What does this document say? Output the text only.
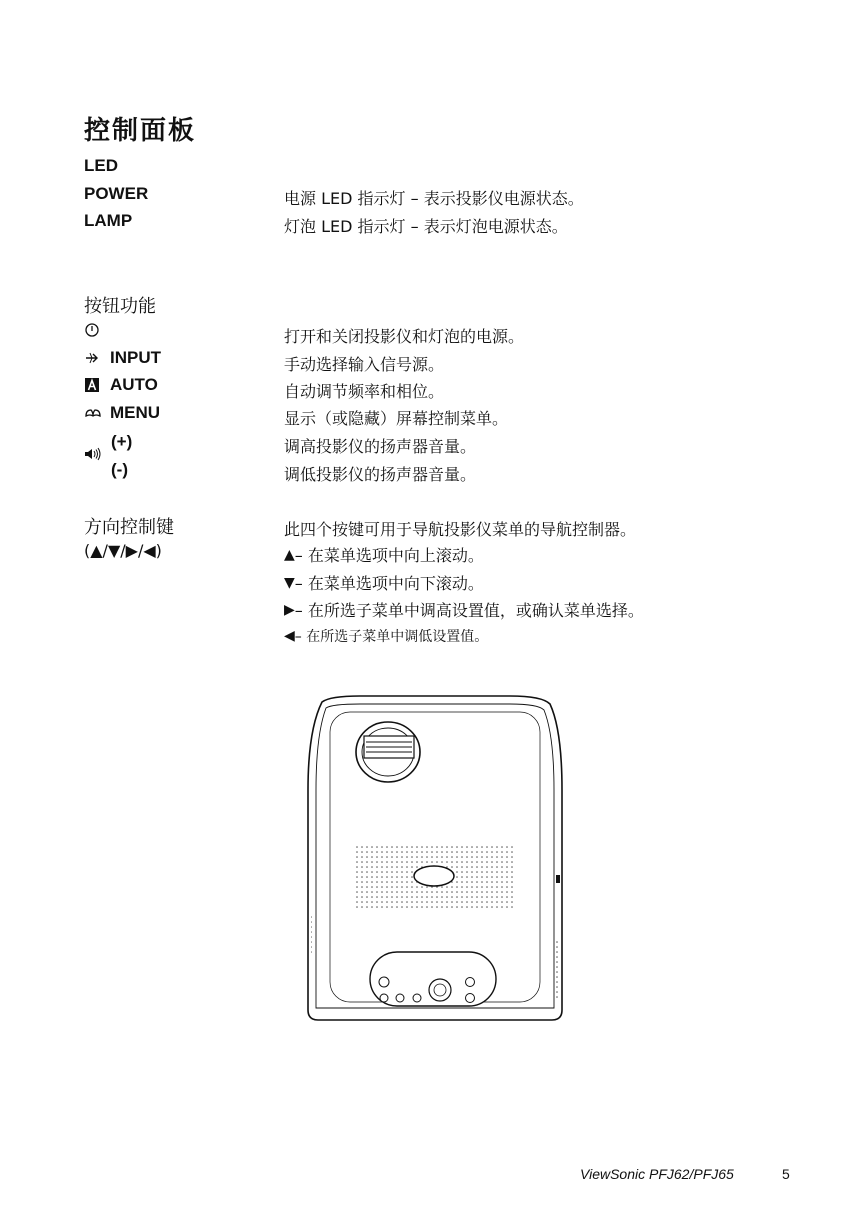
控制面板
LED
POWER	电源 LED 指示灯 – 表示投影仪电源状态。
LAMP	灯泡 LED 指示灯 – 表示灯泡电源状态。
按钮功能
打开和关闭投影仪和灯泡的电源。
INPUT	手动选择输入信号源。
AUTO	自动调节频率和相位。
MENU	显示（或隐藏）屏幕控制菜单。
(+)	调高投影仪的扬声器音量。
(-)	调低投影仪的扬声器音量。
方向控制键
(▲/▼/▶/◀)
此四个按键可用于导航投影仪菜单的导航控制器。
▲ – 在菜单选项中向上滚动。
▼ – 在菜单选项中向下滚动。
▶ – 在所选子菜单中调高设置值，或确认菜单选择。
◀ – 在所选子菜单中调低设置值。
ViewSonic PFJ62/PFJ65	5
